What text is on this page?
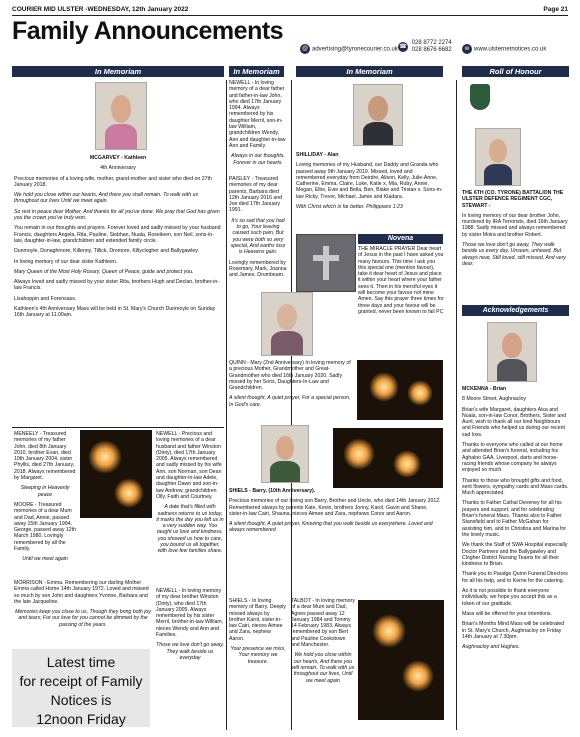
COURIER MID ULSTER -WEDNESDAY, 12th January 2022	Page 21
Family Announcements
@ advertising@tyronecourier.co.uk ☎ 028 8772 2274
028 8676 6682	w www.ulsternetnotices.co.uk
In Memoriam	In Memoriam	In Memoriam	Roll of Honour

MCGARVEY - Kathleen

4th Anniversary

Precious memories of a loving wife, mother, grand-mother and sister who died on 27th January 2018.

We hold you close within our hearts, And there you shall remain. To walk with us throughout our lives Until we meet again.

So rest in peace dear Mother, And thanks for all you've done. We pray that God has given you the crown you've truly won.

You remain in our thoughts and prayers. Forever loved and sadly missed by your husband Francis, daughters Angela, Rita, Pauline, Siobhan, Nuala, Roseileen, son Neil, sons-in-law, daughter-in-law, grandchildren and extended family circle.

Dunmoyle, Donaghmore, Killenny, Tillick, Dromore, Killyclogher and Ballygawley.

In loving memory of our dear sister Kathleen.

Mary Queen of the Most Holy Rosary. Queen of Peace, guide and protect you.

Always loved and sadly missed by your sister Rita, brothers Hugh and Declan, brother-in-law Francis.

Lisahoppin and Forensass.

Kathleen's 4th Anniversary Mass will be held in St. Mary's Church Dunmoyle on Sunday 16th January at 11.00am.

MENEELY - Treasured memories of my father John, died 8th January 2010, brother Evan, died 10th January 2004, sister Phyllis, died 27th January, 2018. Always remembered by Margaret.

Sleeping in Heavenly peace

MOORE - Treasured memories of a dear Mum and Dad, Annie, passed away 15th January 1994, George, passed away 12th March 1980. Lovingly remembered by all the Family.

Until we meet again

MORRISON - Emma. Remembering our darling Mother Emma called Home 14th January 1972. Loved and missed so much by son John and daughters Yvonne, Barbara and the late Jacqueline.

Memories keep you close to us, Though they bring both joy and tears; For our love for you cannot be dimmed by the passing of the years.

Latest time
for receipt of Family
Notices is
12noon Friday

NEWELL - Precious and loving memories of a dear husband and father Winston (Dinty), died 17th January 2005. Always remembered and sadly missed by his wife Ann, son Norman, son Dean and daughter-in-law Adele, daughter Dawn and son-in-law Andrew, grandchildren Olly, Faith and Courtney.

A date that's filled with sadness returns to us today, it marks the day you left us in a very sudden way. You taught us love and kindness, you showed us how to care, you bound us all together, with love few families share.

NEWELL - In loving memory of my dear brother Winston (Dinty), who died 17th January 2005. Always remembered by his sister Merril, brother-in-law William, nieces Wendy and Ann and Families.

Those we love don't go away, They walk beside us everyday

NEWELL - In loving memory of a dear father and father-in-law John, who died 17th January 1994. Always remembered by his daughter Merril, son-in-law William, grandchildren Wendy, Ann and daughter-in-law Ann and Family.

Always in our thoughts, Forever in our hearts.

PAISLEY - Treasured memories of my dear parents, Barbara died 12th January 2016 and Joe died 17th January 1991.

It's so sad that you had to go, Your leaving caused such pain, But you were both so very special, And earths loss is Heavens gain.

Lovingly remembered by Rosemary, Mark, Joanna and James. Drumbeam.

QUINN - Mary (2nd Anniversary) In loving memory of a precious Mother, Grandmother and Great-Grandmother who died 16th January 2020. Sadly missed by her Sons, Daughters-In-Law and Grandchildren.

A silent thought, A quiet prayer, For a special person, In God's care.

SHIELS - Barry, (10th Anniversary).

Precious memories of our loving son Barry, Brother and Uncle, who died 14th January 2012. Remembered always by parents Kate, Kevin, brothers Jonny, Karol, Gavin and Shane, sister-in-law Cairi, Shauna, nieces Aimee and Zara, nephews Conor and Aaron.

A silent thought, A quiet prayer, Knowing that you walk beside us everywhere. Loved and always remembered

SHIELS - In loving memory of Barry. Deeply missed always by brother Karol, sister-in-law Cairi, nieces Aimee and Zara, nephew Aaron.

Your presence we miss, Your memory we treasure.

TALBOT - In loving memory of a dear Mum and Dad, Agnes passed away 12 January 1984 and Tommy 14 February 1983. Always remembered by son Bert and Pauline Cookstown and Manchester.

We hold you close within our hearts, And there you will remain, To walk with us throughout our lives, Until we meet again

SHILLIDAY - Alan

Loving memories of my Husband, our Daddy and Granda who passed away 9th January 2019. Missed, loved and remembered everyday from Deirdre, Alison, Kelly, Julie-Anne, Catherine, Emma, Claire, Luke, Katie x, Mia, Ruby, Annie, Megan, Elbe, Evie and Bella, Ben, Blake and Tristan x. Sons-in-law Ricky, Trevor, Michael, Jamie and Kladara.

With Christ which is far better. Philippians 1:23

Novena

THE MIRACLE PRAYER Dear heart of Jesus in the past I have asked you many favours. This time I ask you this special one (mention favour), take it dear heart of Jesus and place it within your heart where your father sees it. Then in his merciful eyes it will become your favour not mine Amen. Say this prayer three times for three days and your favour will be granted, never been known to fail PC

THE 6TH (CO. TYRONE) BATTALION THE ULSTER DEFENCE REGIMENT CGC, STEWART -

In loving memory of our dear brother John, murdered by IRA Terrorists, died 16th January 1988. Sadly missed and always remembered by sister Moira and brother Robert.

Those we love don't go away, They walk beside us every day, Unseen, unheard, But always near, Still loved, still missed, And very dear.

Acknowledgements

MCKENNA - Brian

8 Moore Street, Aughnacloy

Brian's wife Margaret, daughters Aisa and Nuala, son-in-law Conor, Brothers, Sister and Aunt, wish to thank all our kind Neighbours and Friends who helped us during our recent sad loss.

Thanks to everyone who called at our home and attended Brian's funeral, including his Aghaloo GAA, Liverpool, darts and horse-racing friends whose company he always enjoyed so much.

Thanks to those who brought gifts and food, sent flowers, sympathy cards and Mass cards. Much appreciated.

Thanks to Father Cathal Deveney for all his prayers and support, and for celebrating Brian's funeral Mass. Thanks also to Father Stansfield and to Father McGahan for assisting him, and to Christina and Marina for the lovely music.

We thank the Staff of SWA Hospital especially Doctor Partners and the Ballygawley and Clogher District Nursing Teams for all their kindness to Brian.

Thank you to Paudge Quinn Funeral Directors for all his help, and to Kerrie for the catering.

As it is not possible to thank everyone individually, we hope you accept this as a token of our gratitude.

Mass will be offered for your intentions.

Brian's Months Mind Mass will be celebrated in St. Mary's Church, Aughnacloy on Friday 14th January at 7.30pm.

Aughnacloy and Hughes.
